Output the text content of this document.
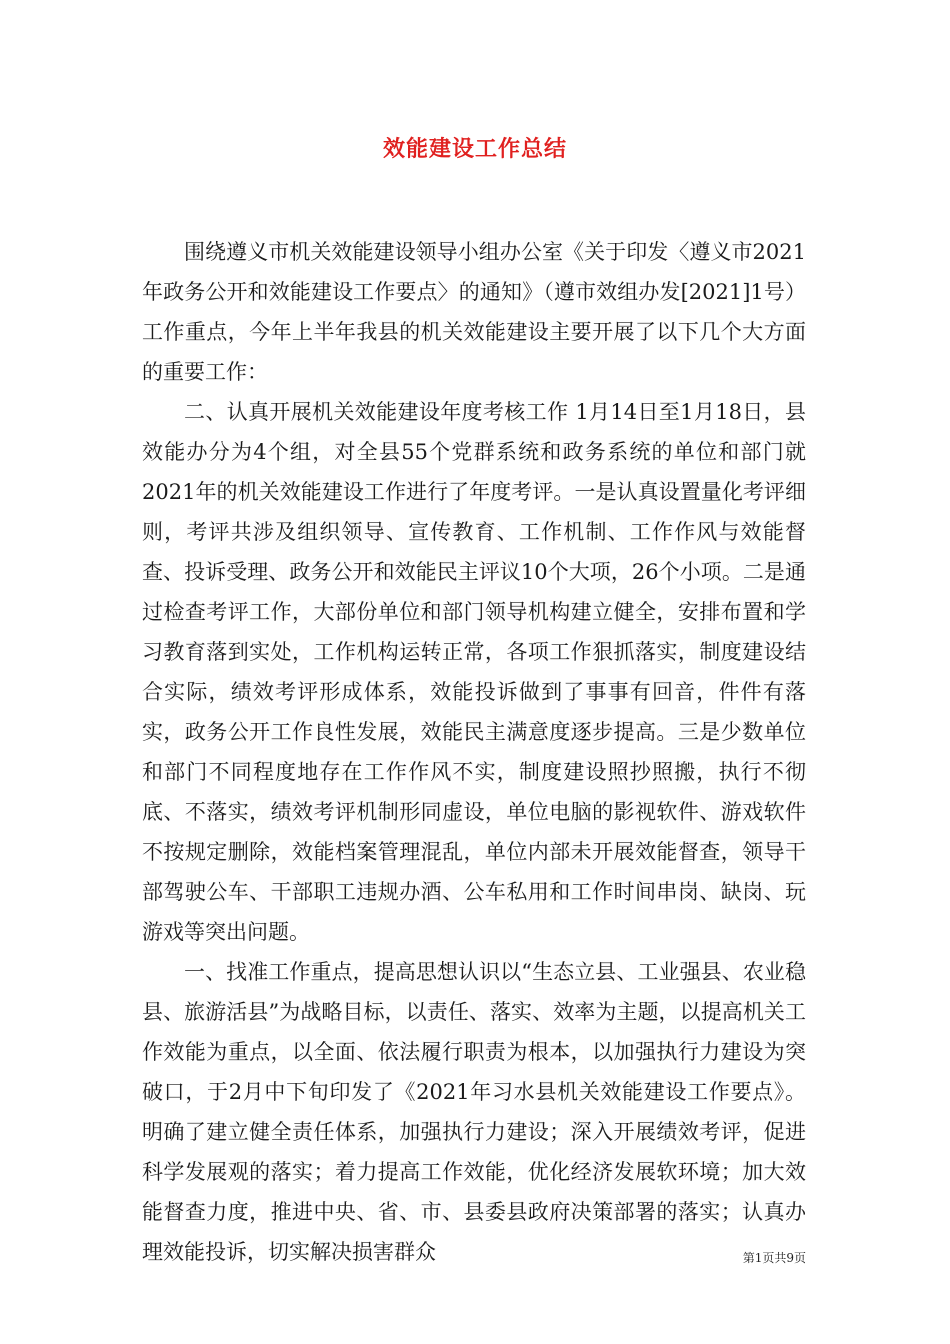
效能建设工作总结

围绕遵义市机关效能建设领导小组办公室《关于印发〈遵义市2021年政务公开和效能建设工作要点〉的通知》（遵市效组办发[2021]1号）工作重点，今年上半年我县的机关效能建设主要开展了以下几个大方面的重要工作：

二、认真开展机关效能建设年度考核工作 1月14日至1月18日，县效能办分为4个组，对全县55个党群系统和政务系统的单位和部门就2021年的机关效能建设工作进行了年度考评。一是认真设置量化考评细则，考评共涉及组织领导、宣传教育、工作机制、工作作风与效能督查、投诉受理、政务公开和效能民主评议10个大项，26个小项。二是通过检查考评工作，大部份单位和部门领导机构建立健全，安排布置和学习教育落到实处，工作机构运转正常，各项工作狠抓落实，制度建设结合实际，绩效考评形成体系，效能投诉做到了事事有回音，件件有落实，政务公开工作良性发展，效能民主满意度逐步提高。三是少数单位和部门不同程度地存在工作作风不实，制度建设照抄照搬，执行不彻底、不落实，绩效考评机制形同虚设，单位电脑的影视软件、游戏软件不按规定删除，效能档案管理混乱，单位内部未开展效能督查，领导干部驾驶公车、干部职工违规办酒、公车私用和工作时间串岗、缺岗、玩游戏等突出问题。

一、找准工作重点，提高思想认识以“生态立县、工业强县、农业稳县、旅游活县”为战略目标，以责任、落实、效率为主题，以提高机关工作效能为重点，以全面、依法履行职责为根本，以加强执行力建设为突破口，于2月中下旬印发了《2021年习水县机关效能建设工作要点》。明确了建立健全责任体系，加强执行力建设；深入开展绩效考评，促进科学发展观的落实；着力提高工作效能，优化经济发展软环境；加大效能督查力度，推进中央、省、市、县委县政府决策部署的落实；认真办理效能投诉，切实解决损害群众	第1页共9页
